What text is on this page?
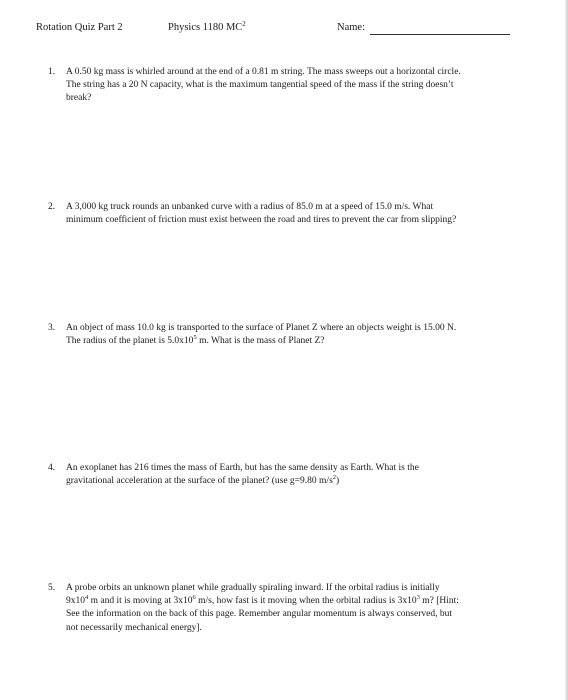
Rotation Quiz Part 2	Physics 1180 $MC^2$	Name:
1. A 0.50 kg mass is whirled around at the end of a 0.81 m string. The mass sweeps out a horizontal circle.
The string has a 20 N capacity, what is the maximum tangential speed of the mass if the string doesn’t
break?
2. A 3,000 kg truck rounds an unbanked curve with a radius of 85.0 m at a speed of 15.0 m/s. What
minimum coefficient of friction must exist between the road and tires to prevent the car from slipping?
3. An object of mass 10.0 kg is transported to the surface of Planet Z where an objects weight is 15.00 N.
The radius of the planet is $5.0x10^5$ m. What is the mass of Planet Z?
4. An exoplanet has 216 times the mass of Earth, but has the same density as Earth. What is the
gravitational acceleration at the surface of the planet? (use g=9.80 $m/s^2$)
5. A probe orbits an unknown planet while gradually spiraling inward. If the orbital radius is initially
$9x10^4$ m and it is moving at $3x10^6$ m/s, how fast is it moving when the orbital radius is $3x10^3$ m? [Hint:
See the information on the back of this page. Remember angular momentum is always conserved, but
not necessarily mechanical energy].
